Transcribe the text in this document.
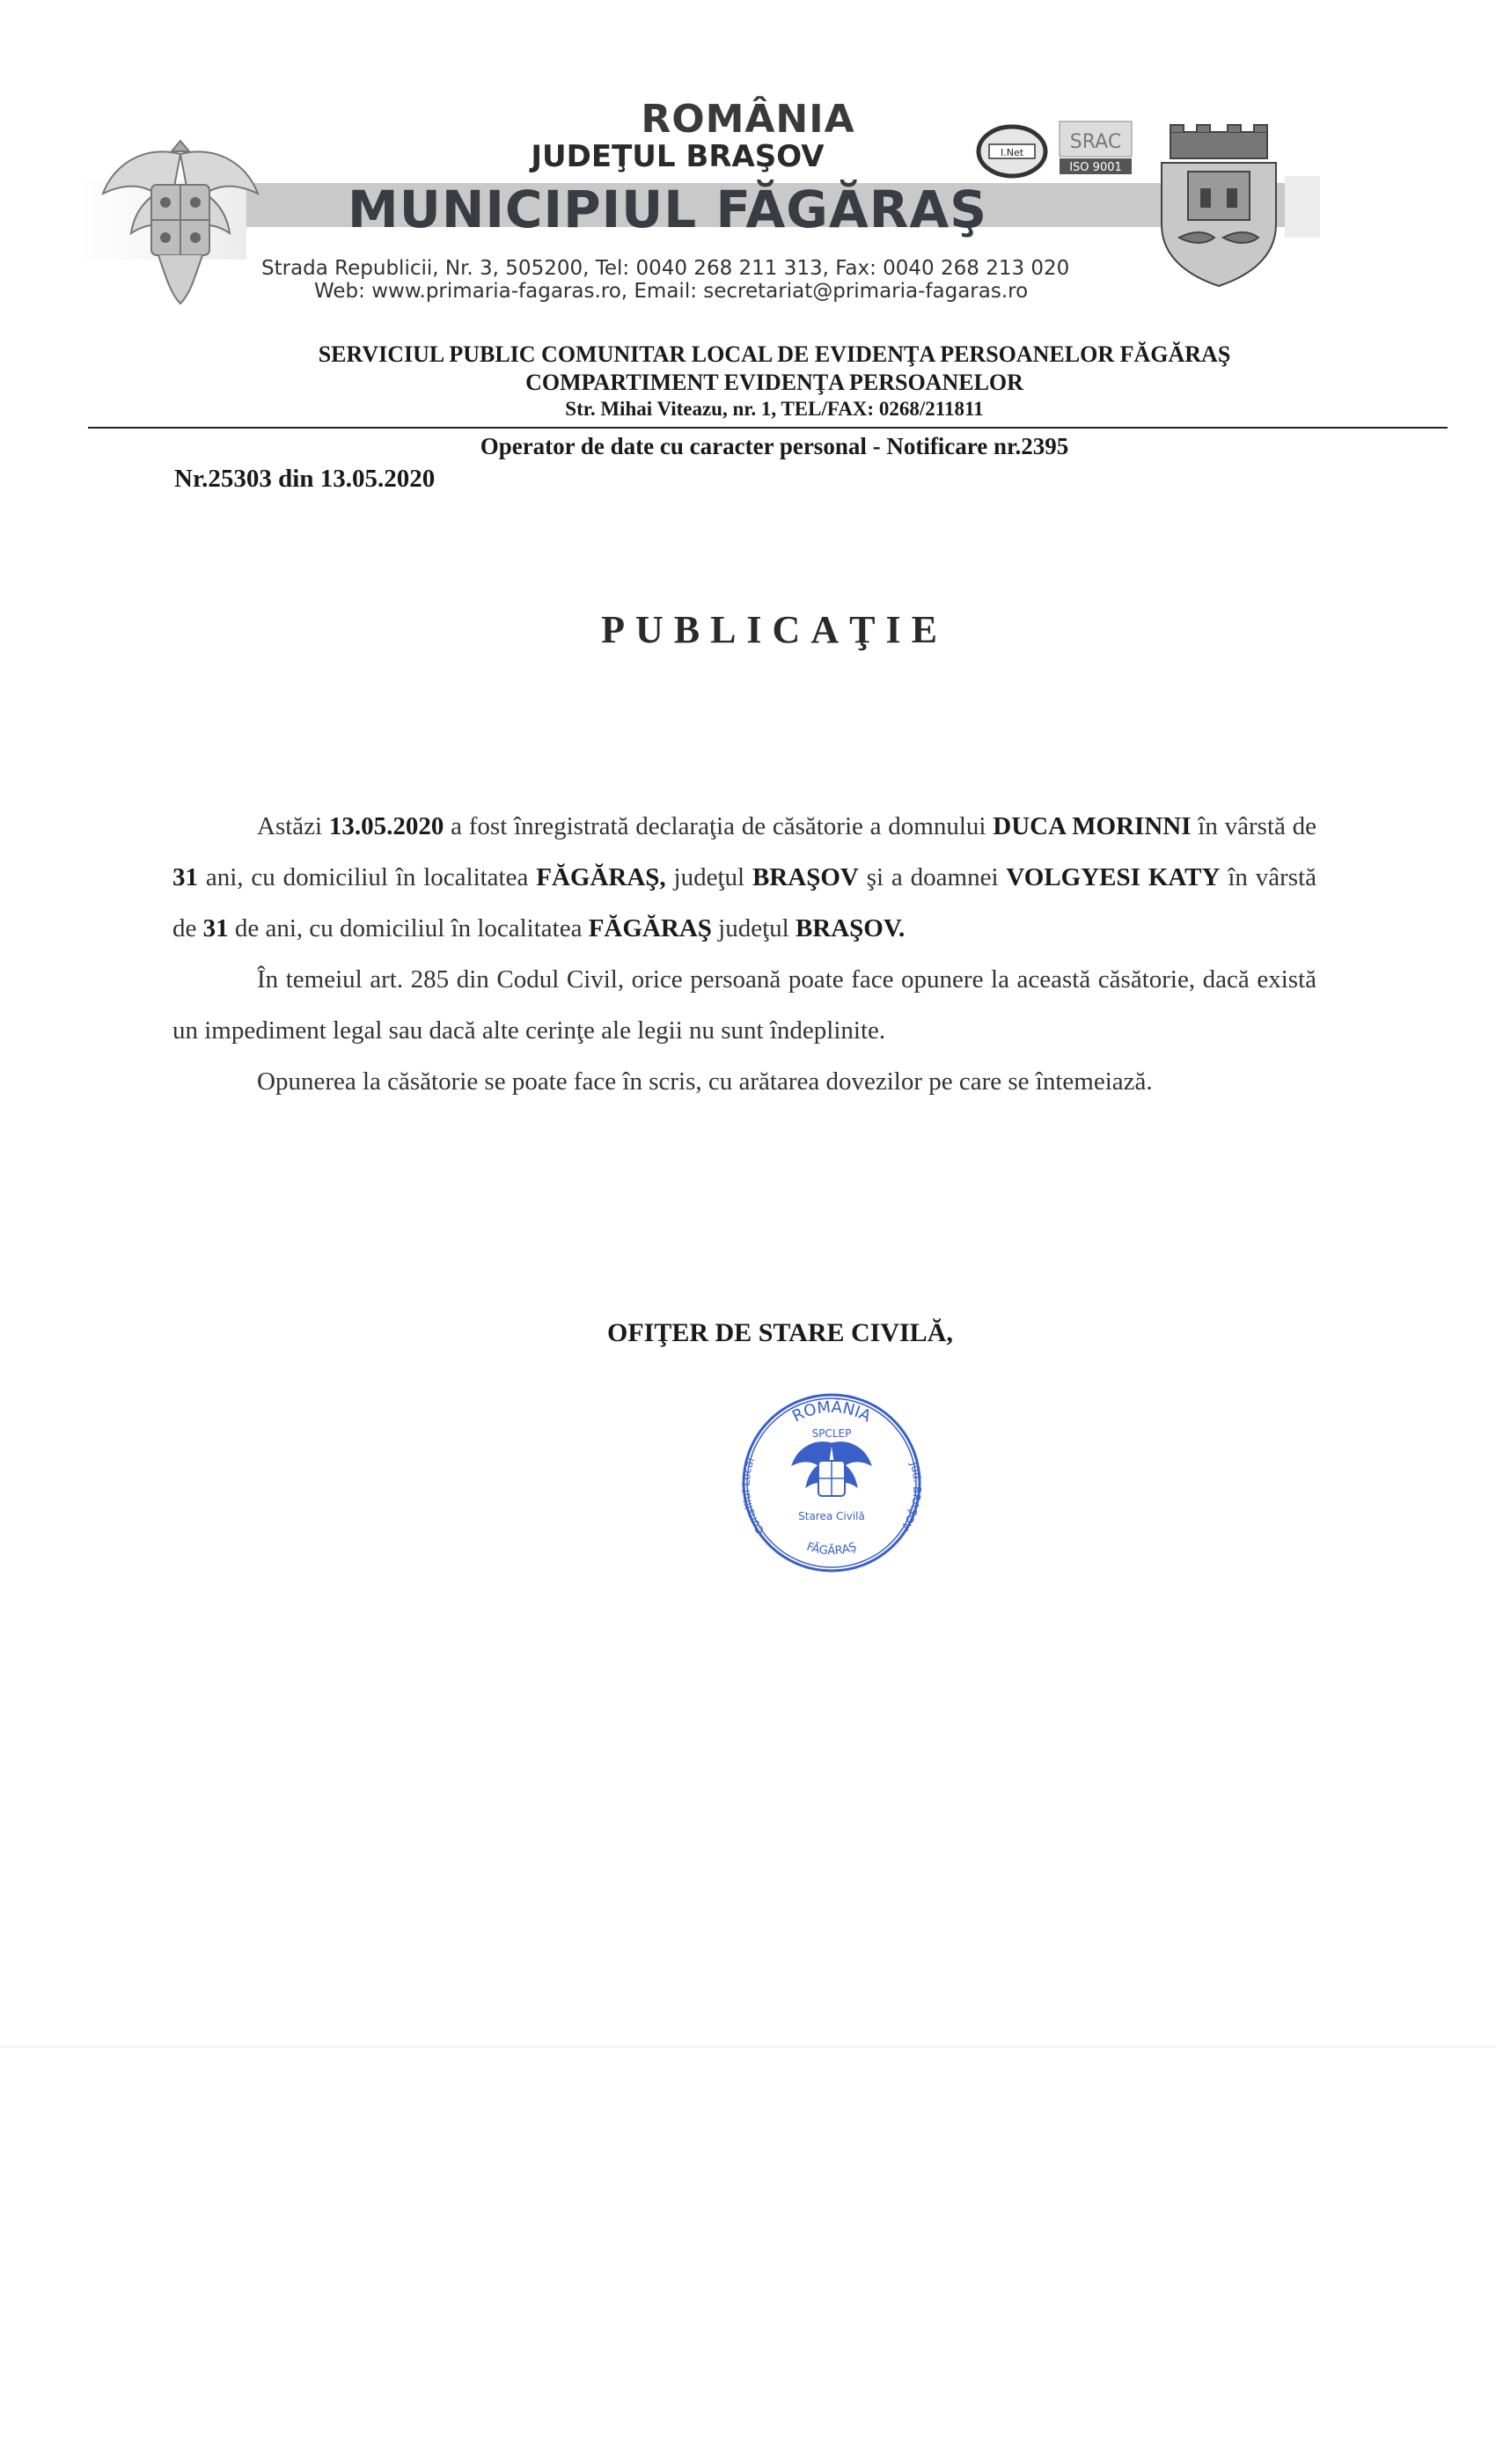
I.Net SRAC
ISO 9001
ROMÂNIA
JUDEŢUL BRAŞOV
MUNICIPIUL FĂGĂRAŞ
Strada Republicii, Nr. 3, 505200, Tel: 0040 268 211 313, Fax: 0040 268 213 020
Web: www.primaria-fagaras.ro, Email: secretariat@primaria-fagaras.ro
SERVICIUL PUBLIC COMUNITAR LOCAL DE EVIDENŢA PERSOANELOR FĂGĂRAŞ
COMPARTIMENT EVIDENŢA PERSOANELOR
Str. Mihai Viteazu, nr. 1, TEL/FAX: 0268/211811
Operator de date cu caracter personal - Notificare nr.2395
Nr.25303 din 13.05.2020
PUBLICAŢIE

Astăzi 13.05.2020 a fost înregistrată declaraţia de căsătorie a domnului DUCA MORINNI în vârstă de 31 ani, cu domiciliul în localitatea FĂGĂRAŞ, judeţul BRAŞOV şi a doamnei VOLGYESI KATY în vârstă de 31 de ani, cu domiciliul în localitatea FĂGĂRAŞ judeţul BRAŞOV.

În temeiul art. 285 din Codul Civil, orice persoană poate face opunere la această căsătorie, dacă există un impediment legal sau dacă alte cerinţe ale legii nu sunt îndeplinite.

Opunerea la căsătorie se poate face în scris, cu arătarea dovezilor pe care se întemeiază.

OFIŢER DE STARE CIVILĂ,
ROMÂNIA
SPCLEP
Consiliul Local
Jud. BRAŞOV
Starea Civilă
FĂGĂRAŞ
